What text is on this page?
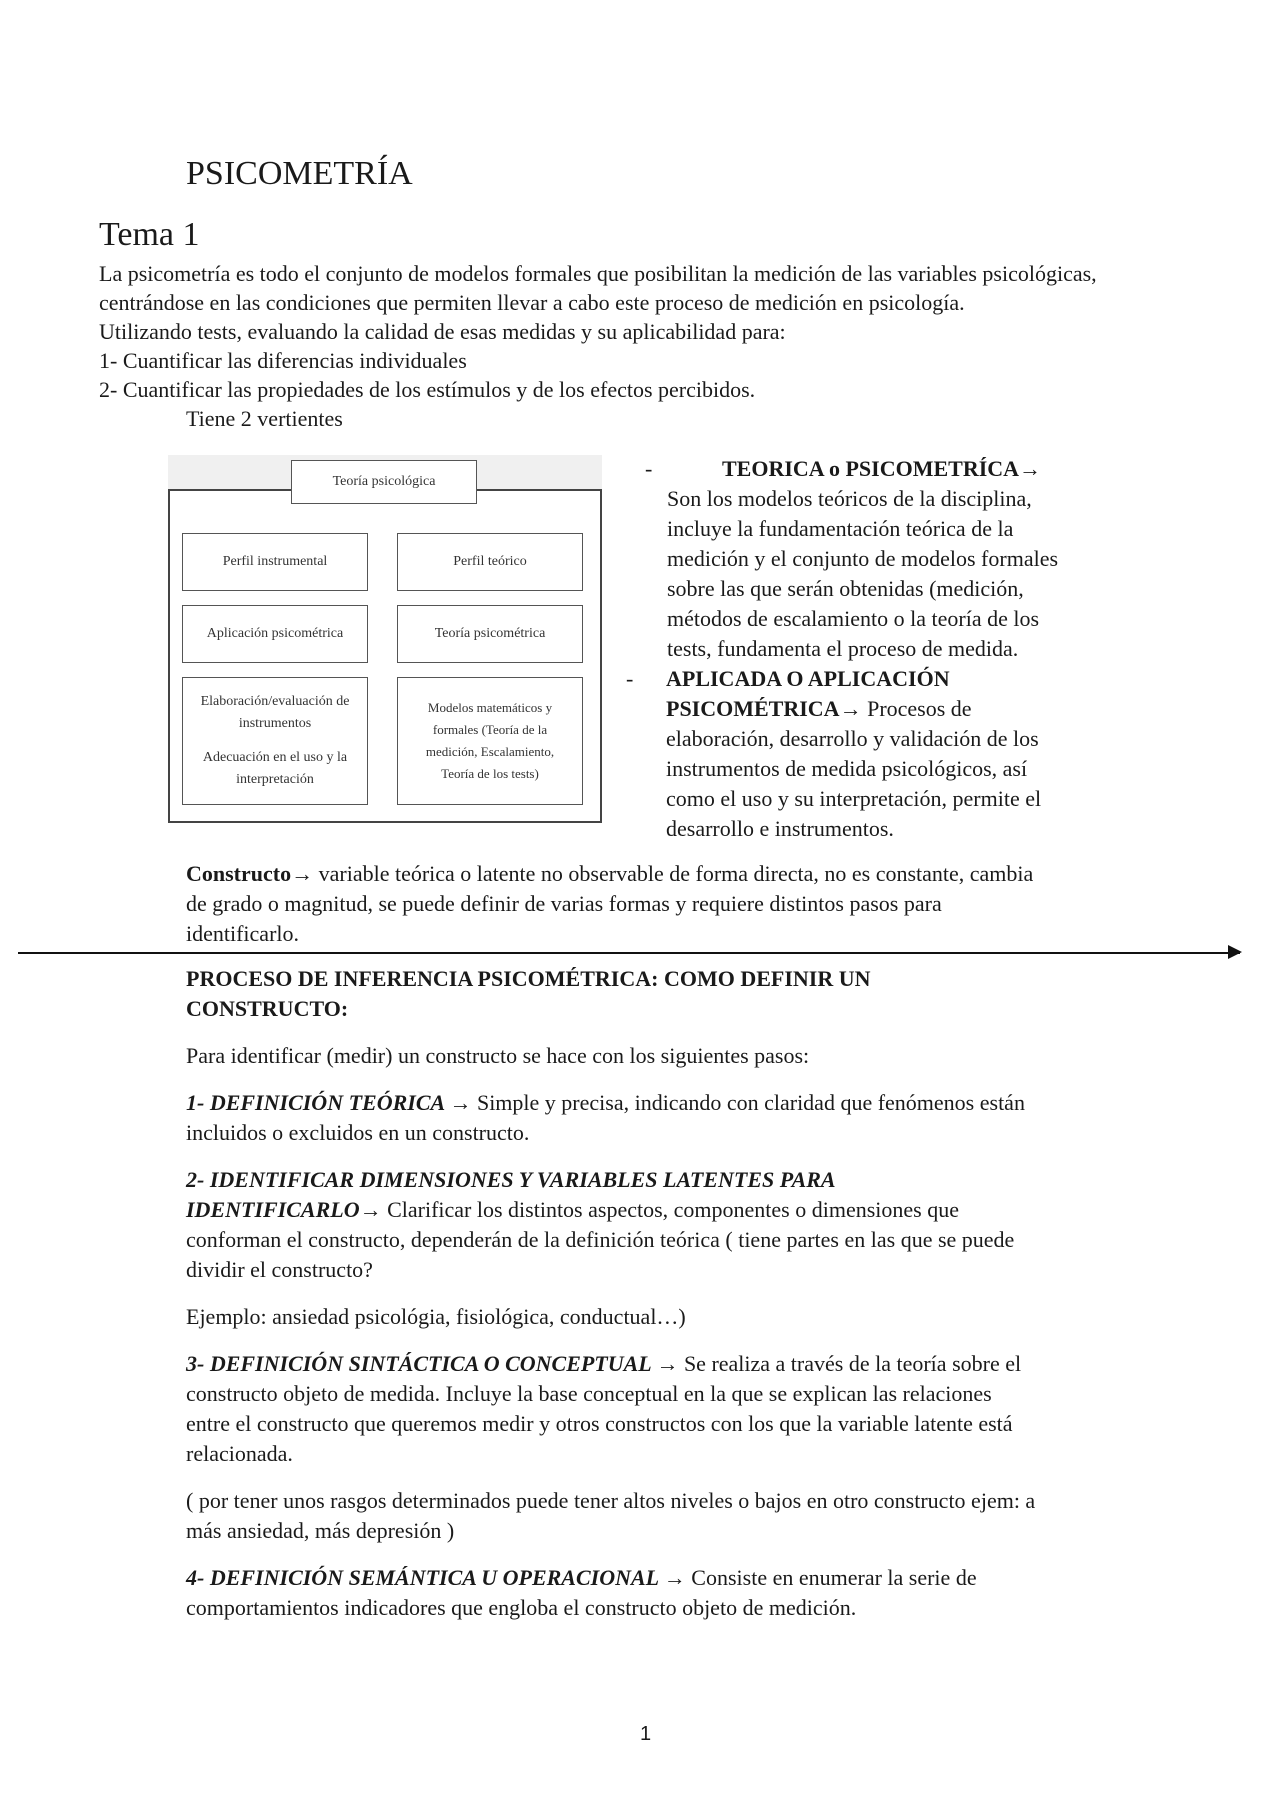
PSICOMETRÍA
Tema 1
La psicometría es todo el conjunto de modelos formales que posibilitan la medición de las variables psicológicas,
centrándose en las condiciones que permiten llevar a cabo este proceso de medición en psicología.
Utilizando tests, evaluando la calidad de esas medidas y su aplicabilidad para:
1- Cuantificar las diferencias individuales
2- Cuantificar las propiedades de los estímulos y de los efectos percibidos.
Tiene 2 vertientes
Teoría psicológica
Perfil instrumental	Perfil teórico
Aplicación psicométrica	Teoría psicométrica
Elaboración/evaluación de
instrumentos
Adecuación en el uso y la
interpretación
Modelos matemáticos y
formales (Teoría de la
medición, Escalamiento,
Teoría de los tests)
-	TEORICA o PSICOMETRÍCA→
Son los modelos teóricos de la disciplina,
incluye la fundamentación teórica de la
medición y el conjunto de modelos formales
sobre las que serán obtenidas (medición,
métodos de escalamiento o la teoría de los
tests, fundamenta el proceso de medida.
- APLICADA O APLICACIÓN
PSICOMÉTRICA→ Procesos de
elaboración, desarrollo y validación de los
instrumentos de medida psicológicos, así
como el uso y su interpretación, permite el
desarrollo e instrumentos.
Constructo→ variable teórica o latente no observable de forma directa, no es constante, cambia
de grado o magnitud, se puede definir de varias formas y requiere distintos pasos para
identificarlo.
PROCESO DE INFERENCIA PSICOMÉTRICA: COMO DEFINIR UN
CONSTRUCTO:
Para identificar (medir) un constructo se hace con los siguientes pasos:
1- DEFINICIÓN TEÓRICA → Simple y precisa, indicando con claridad que fenómenos están
incluidos o excluidos en un constructo.
2- IDENTIFICAR DIMENSIONES Y VARIABLES LATENTES PARA
IDENTIFICARLO→ Clarificar los distintos aspectos, componentes o dimensiones que
conforman el constructo, dependerán de la definición teórica ( tiene partes en las que se puede
dividir el constructo?
Ejemplo: ansiedad psicológia, fisiológica, conductual…)
3- DEFINICIÓN SINTÁCTICA O CONCEPTUAL → Se realiza a través de la teoría sobre el
constructo objeto de medida. Incluye la base conceptual en la que se explican las relaciones
entre el constructo que queremos medir y otros constructos con los que la variable latente está
relacionada.
( por tener unos rasgos determinados puede tener altos niveles o bajos en otro constructo ejem: a
más ansiedad, más depresión )
4- DEFINICIÓN SEMÁNTICA U OPERACIONAL → Consiste en enumerar la serie de
comportamientos indicadores que engloba el constructo objeto de medición.
1
